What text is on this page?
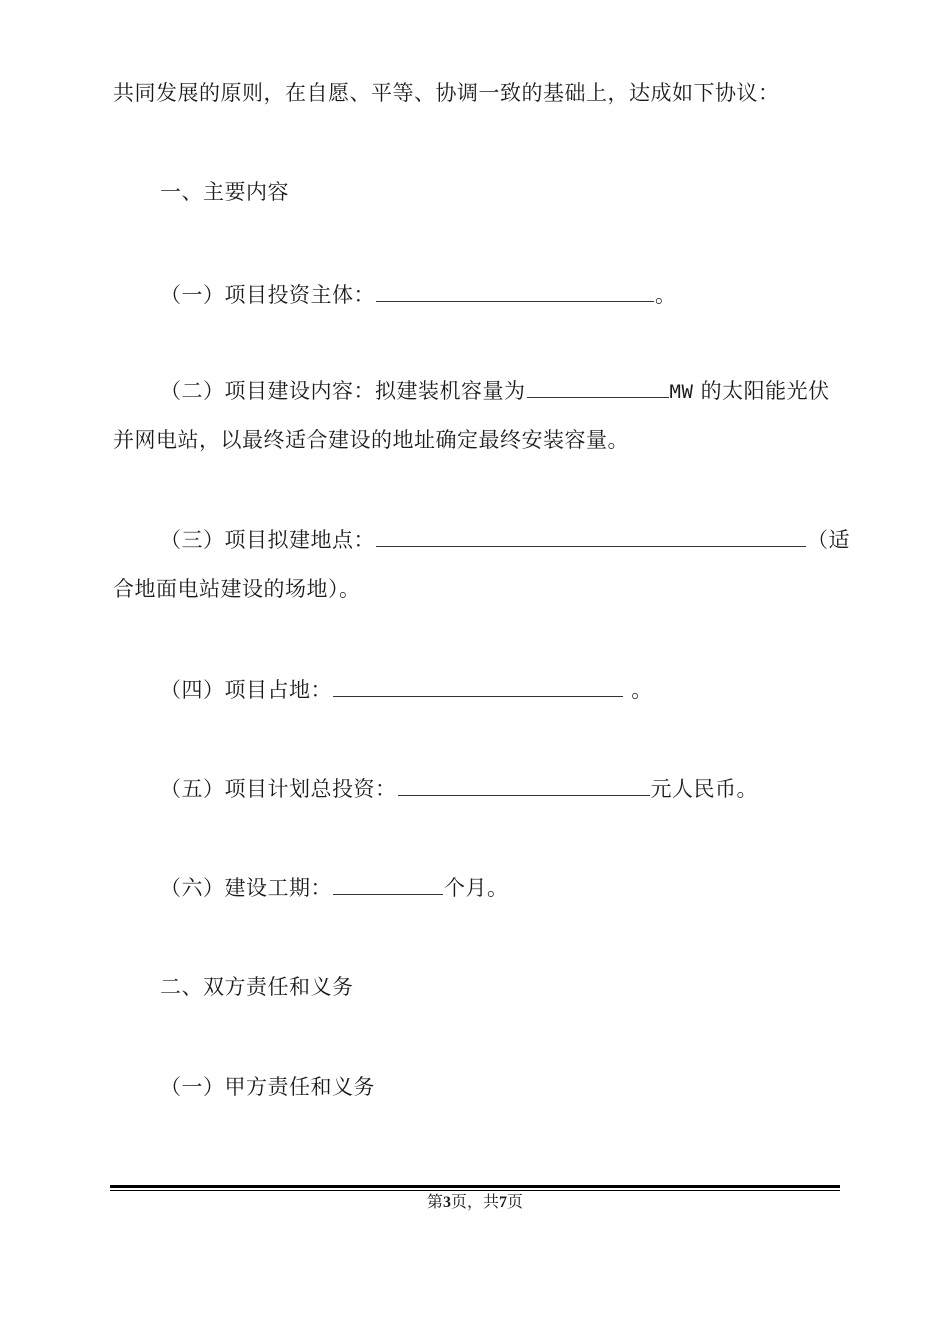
共同发展的原则，在自愿、平等、协调一致的基础上，达成如下协议：
一、主要内容
（一）项目投资主体：	。
（二）项目建设内容：拟建装机容量为	MW 的太阳能光伏
并网电站，以最终适合建设的地址确定最终安装容量。
（三）项目拟建地点：	（适
合地面电站建设的场地）。
（四）项目占地：	。
（五）项目计划总投资：	元人民币。
（六）建设工期：	个月。
二、双方责任和义务
（一）甲方责任和义务
第3页，共7页
